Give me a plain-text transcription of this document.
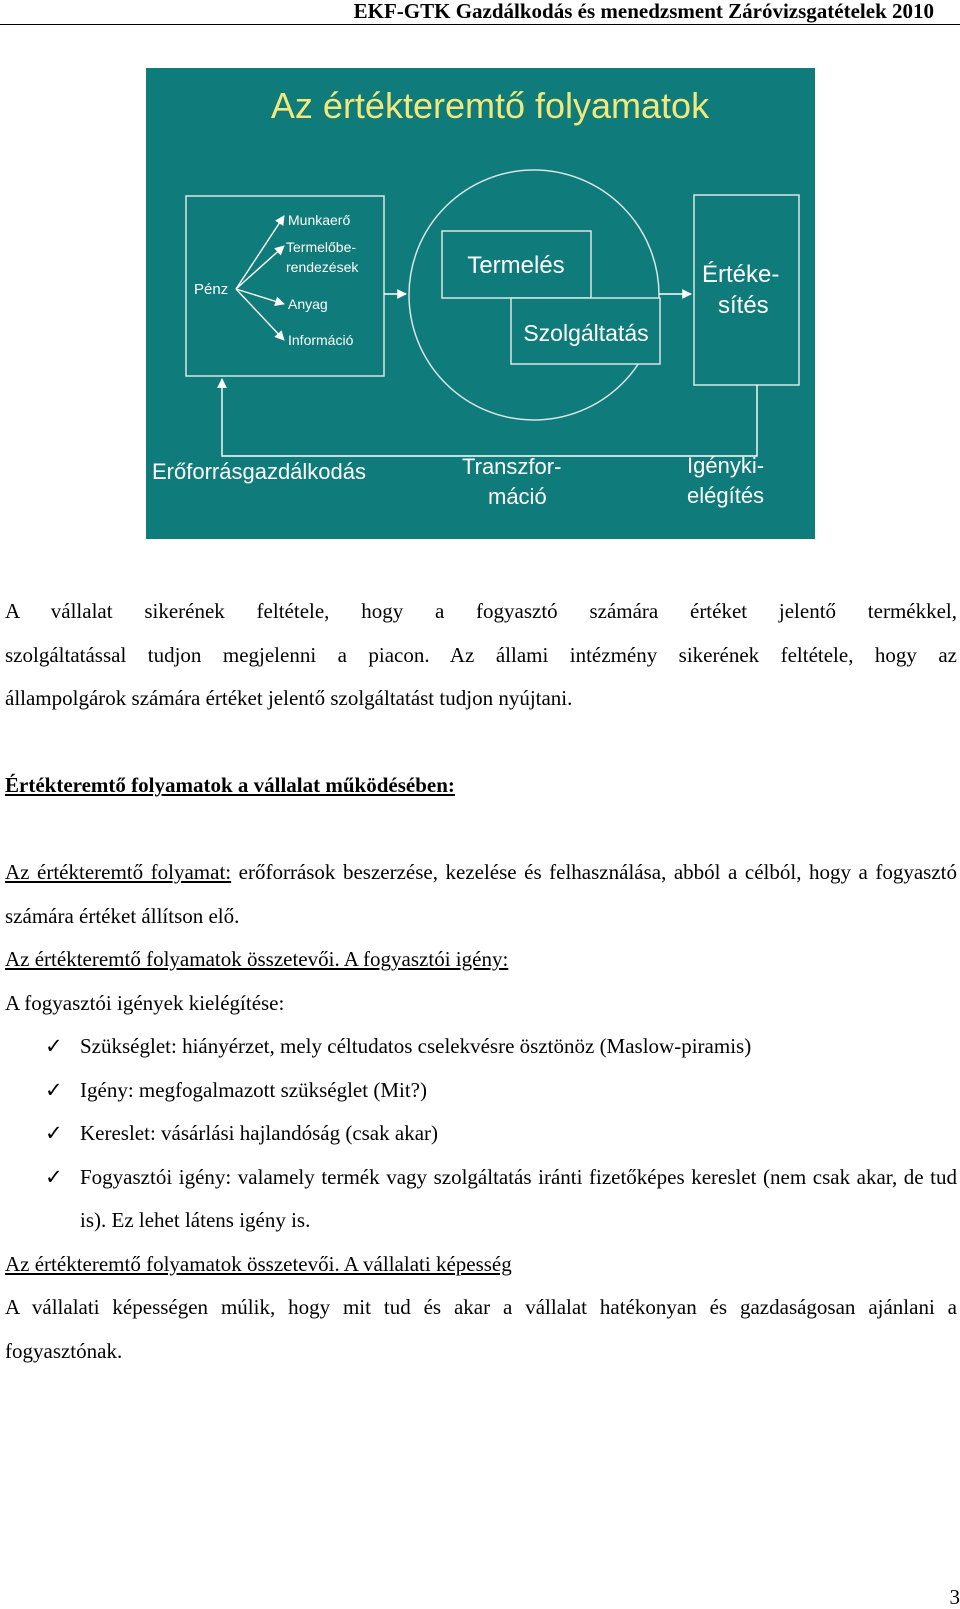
EKF-GTK Gazdálkodás és menedzsment Záróvizsgatételek 2010
Az értékteremtő folyamatok
Pénz
Munkaerő
Termelőbe-
rendezések
Anyag
Információ
Termelés
Szolgáltatás
Értéke-
sítés
Erőforrásgazdálkodás	Transzfor-
máció
Igényki-
elégítés

A vállalat sikerének feltétele, hogy a fogyasztó számára értéket jelentő termékkel,

szolgáltatással tudjon megjelenni a piacon. Az állami intézmény sikerének feltétele, hogy az

állampolgárok számára értéket jelentő szolgáltatást tudjon nyújtani.

Értékteremtő folyamatok a vállalat működésében:

Az értékteremtő folyamat: erőforrások beszerzése, kezelése és felhasználása, abból a célból, hogy a fogyasztó számára értéket állítson elő.

Az értékteremtő folyamatok összetevői. A fogyasztói igény:

A fogyasztói igények kielégítése:

✓ Szükséglet: hiányérzet, mely céltudatos cselekvésre ösztönöz (Maslow-piramis)
✓ Igény: megfogalmazott szükséglet (Mit?)
✓ Kereslet: vásárlási hajlandóság (csak akar)
✓ Fogyasztói igény: valamely termék vagy szolgáltatás iránti fizetőképes kereslet (nem csak akar, de tud is). Ez lehet látens igény is.

Az értékteremtő folyamatok összetevői. A vállalati képesség

A vállalati képességen múlik, hogy mit tud és akar a vállalat hatékonyan és gazdaságosan ajánlani a fogyasztónak.

3
